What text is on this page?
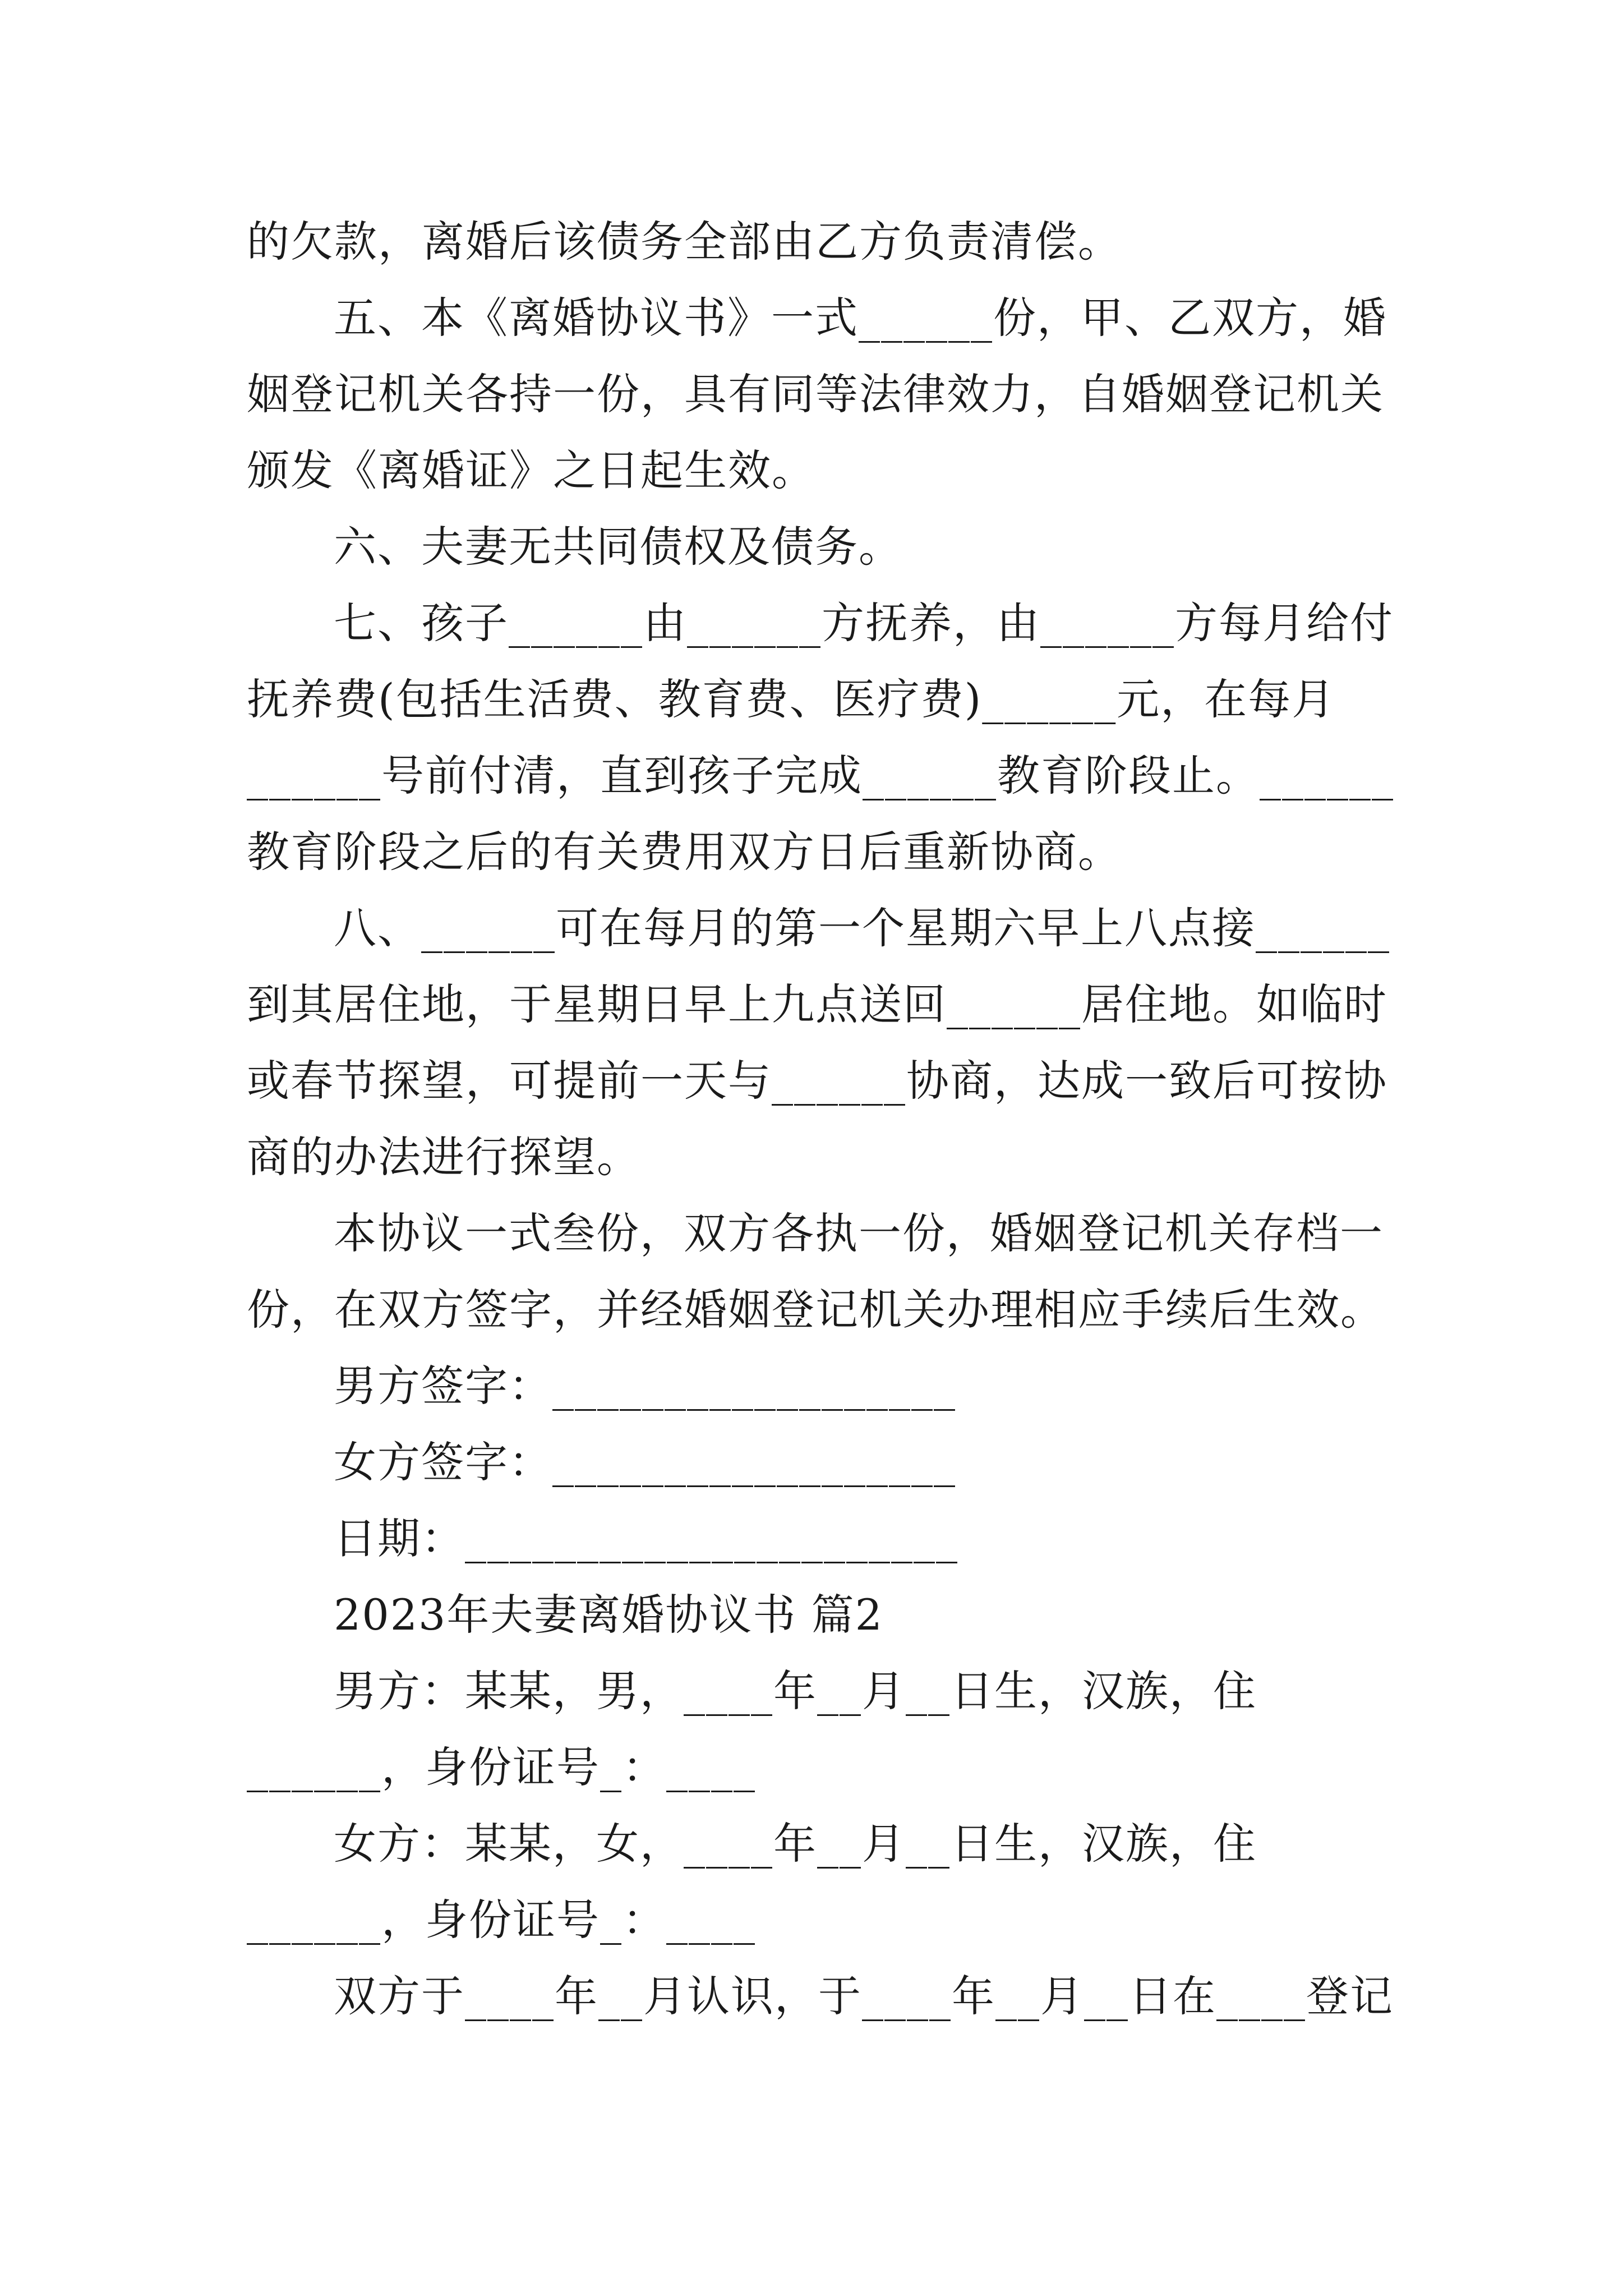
的欠款，离婚后该债务全部由乙方负责清偿。
五、本《离婚协议书》一式______份，甲、乙双方，婚
姻登记机关各持一份，具有同等法律效力，自婚姻登记机关
颁发《离婚证》之日起生效。
六、夫妻无共同债权及债务。
七、孩子______由______方抚养，由______方每月给付
抚养费(包括生活费、教育费、医疗费)______元，在每月
______号前付清，直到孩子完成______教育阶段止。______
教育阶段之后的有关费用双方日后重新协商。
八、______可在每月的第一个星期六早上八点接______
到其居住地，于星期日早上九点送回______居住地。如临时
或春节探望，可提前一天与______协商，达成一致后可按协
商的办法进行探望。
本协议一式叁份，双方各执一份，婚姻登记机关存档一
份，在双方签字，并经婚姻登记机关办理相应手续后生效。
男方签字：__________________
女方签字：__________________
日期：______________________
2023年夫妻离婚协议书 篇2
男方：某某，男，____年__月__日生，汉族，住
______，身份证号_：____
女方：某某，女，____年__月__日生，汉族，住
______，身份证号_：____
双方于____年__月认识，于____年__月__日在____登记
